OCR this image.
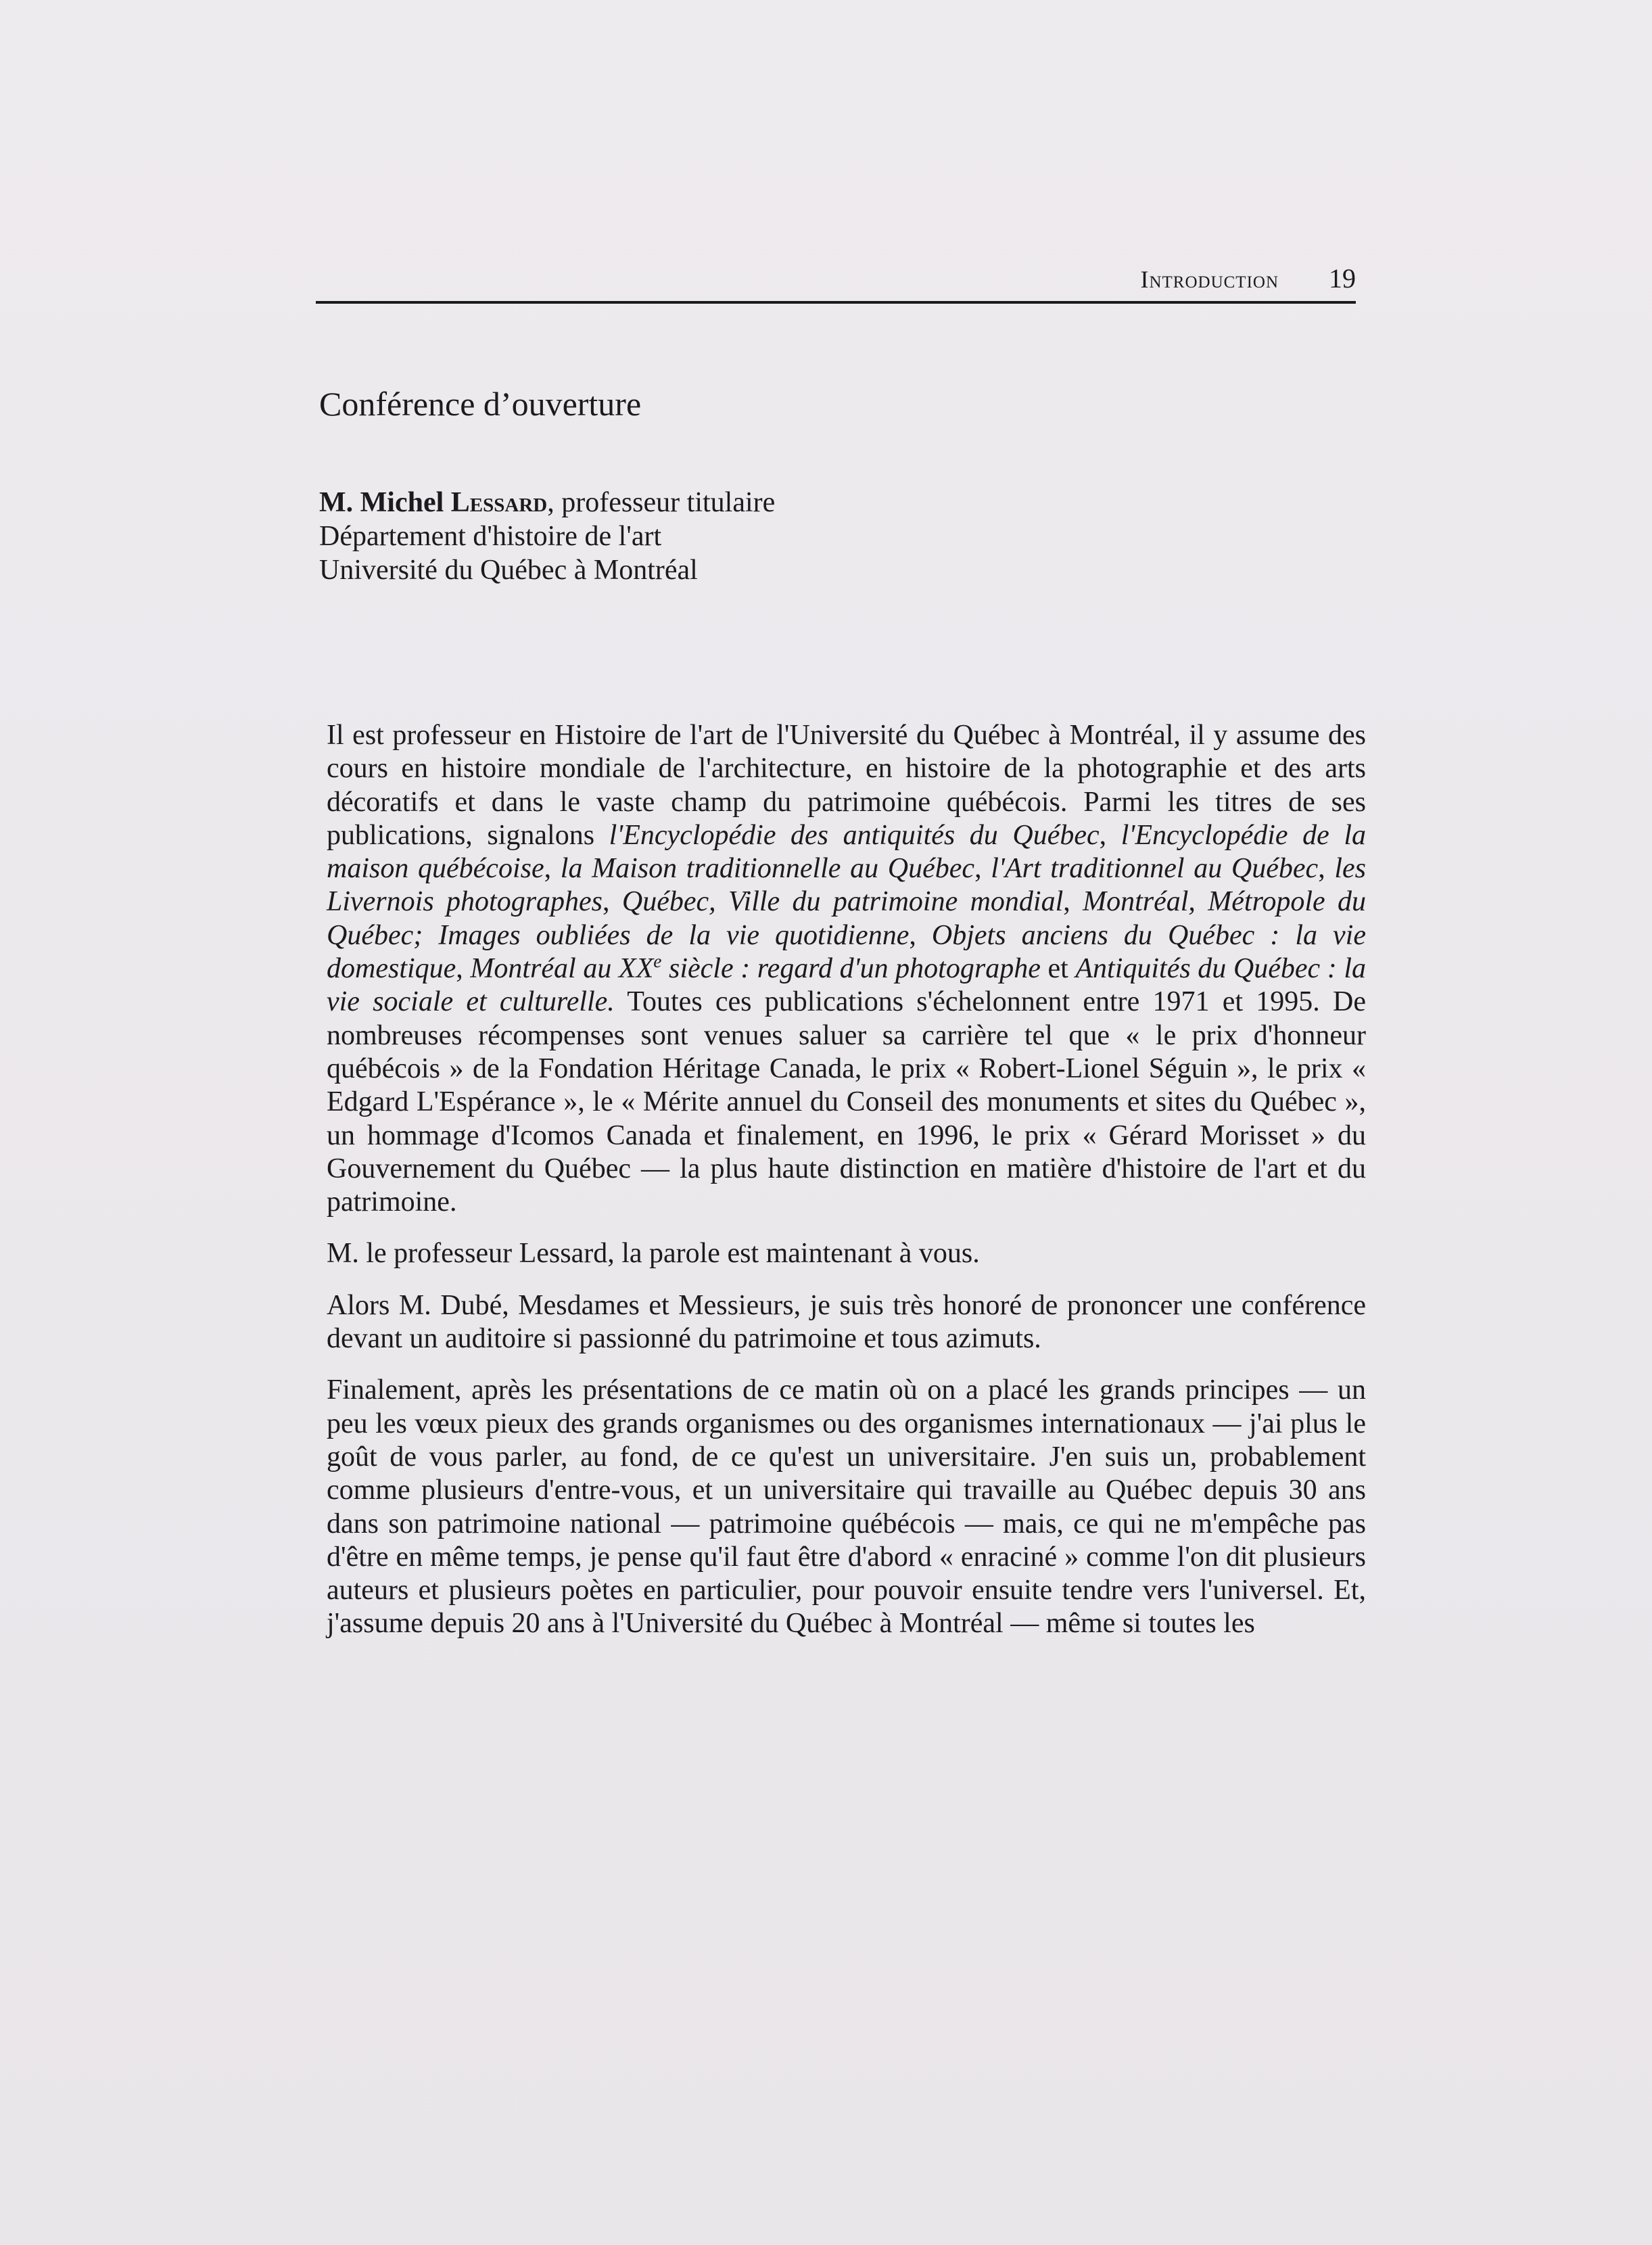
Introduction 19
Conférence d’ouverture
M. Michel Lessard, professeur titulaire
Département d'histoire de l'art
Université du Québec à Montréal

Il est professeur en Histoire de l'art de l'Université du Québec à Montréal, il y assume des cours en histoire mondiale de l'architecture, en histoire de la photographie et des arts décoratifs et dans le vaste champ du patrimoine québécois. Parmi les titres de ses publications, signalons l'Encyclopédie des antiquités du Québec, l'Encyclopédie de la maison québécoise, la Maison traditionnelle au Québec, l'Art traditionnel au Québec, les Livernois photographes, Québec, Ville du patrimoine mondial, Montréal, Métropole du Québec; Images oubliées de la vie quotidienne, Objets anciens du Québec : la vie domestique, Montréal au XXe siècle : regard d'un photographe et Antiquités du Québec : la vie sociale et culturelle. Toutes ces publications s'échelonnent entre 1971 et 1995. De nombreuses récompenses sont venues saluer sa carrière tel que « le prix d'honneur québécois » de la Fondation Héritage Canada, le prix « Robert-Lionel Séguin », le prix « Edgard L'Espérance », le « Mérite annuel du Conseil des monuments et sites du Québec », un hommage d'Icomos Canada et finalement, en 1996, le prix « Gérard Morisset » du Gouvernement du Québec — la plus haute distinction en matière d'histoire de l'art et du patrimoine.

M. le professeur Lessard, la parole est maintenant à vous.

Alors M. Dubé, Mesdames et Messieurs, je suis très honoré de prononcer une conférence devant un auditoire si passionné du patrimoine et tous azimuts.

Finalement, après les présentations de ce matin où on a placé les grands principes — un peu les vœux pieux des grands organismes ou des organismes internationaux — j'ai plus le goût de vous parler, au fond, de ce qu'est un universitaire. J'en suis un, probablement comme plusieurs d'entre-vous, et un universitaire qui travaille au Québec depuis 30 ans dans son patrimoine national — patrimoine québécois — mais, ce qui ne m'empêche pas d'être en même temps, je pense qu'il faut être d'abord « enraciné » comme l'on dit plusieurs auteurs et plusieurs poètes en particulier, pour pouvoir ensuite tendre vers l'universel. Et, j'assume depuis 20 ans à l'Université du Québec à Montréal — même si toutes les
